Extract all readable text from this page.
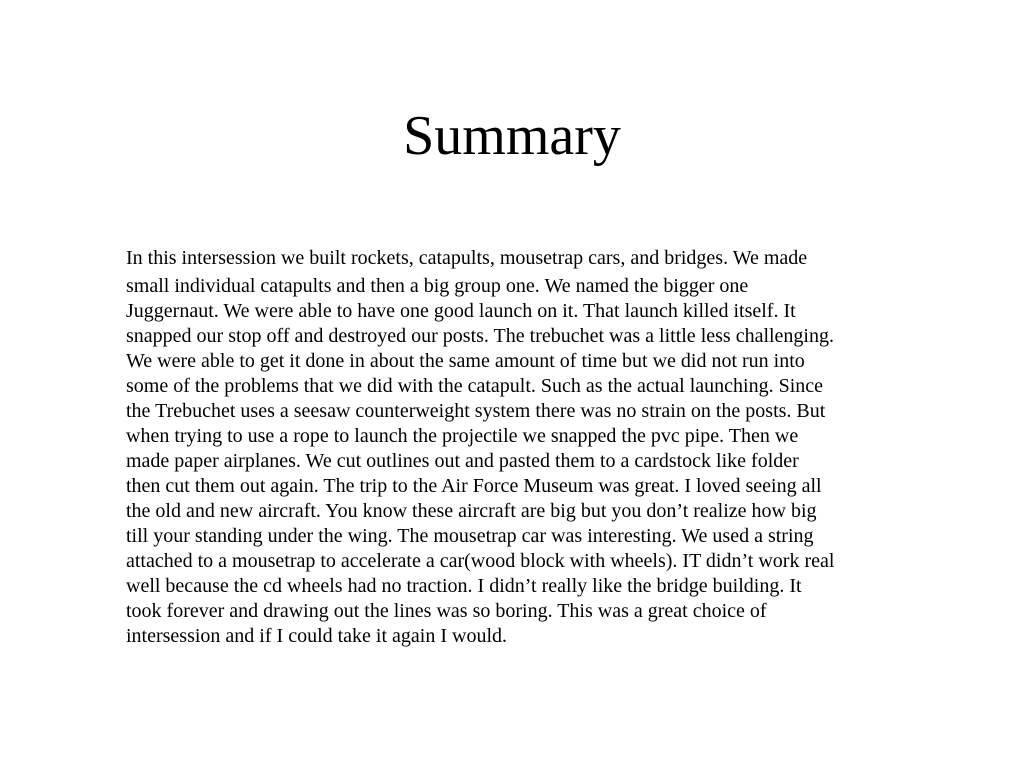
Summary

In this intersession we built rockets, catapults, mousetrap cars, and bridges. We made
small individual catapults and then a big group one. We named the bigger one
Juggernaut. We were able to have one good launch on it. That launch killed itself. It
snapped our stop off and destroyed our posts. The trebuchet was a little less challenging.
We were able to get it done in about the same amount of time but we did not run into
some of the problems that we did with the catapult. Such as the actual launching. Since
the Trebuchet uses a seesaw counterweight system there was no strain on the posts. But
when trying to use a rope to launch the projectile we snapped the pvc pipe. Then we
made paper airplanes. We cut outlines out and pasted them to a cardstock like folder
then cut them out again. The trip to the Air Force Museum was great. I loved seeing all
the old and new aircraft. You know these aircraft are big but you don’t realize how big
till your standing under the wing. The mousetrap car was interesting. We used a string
attached to a mousetrap to accelerate a car(wood block with wheels). IT didn’t work real
well because the cd wheels had no traction. I didn’t really like the bridge building. It
took forever and drawing out the lines was so boring. This was a great choice of
intersession and if I could take it again I would.
